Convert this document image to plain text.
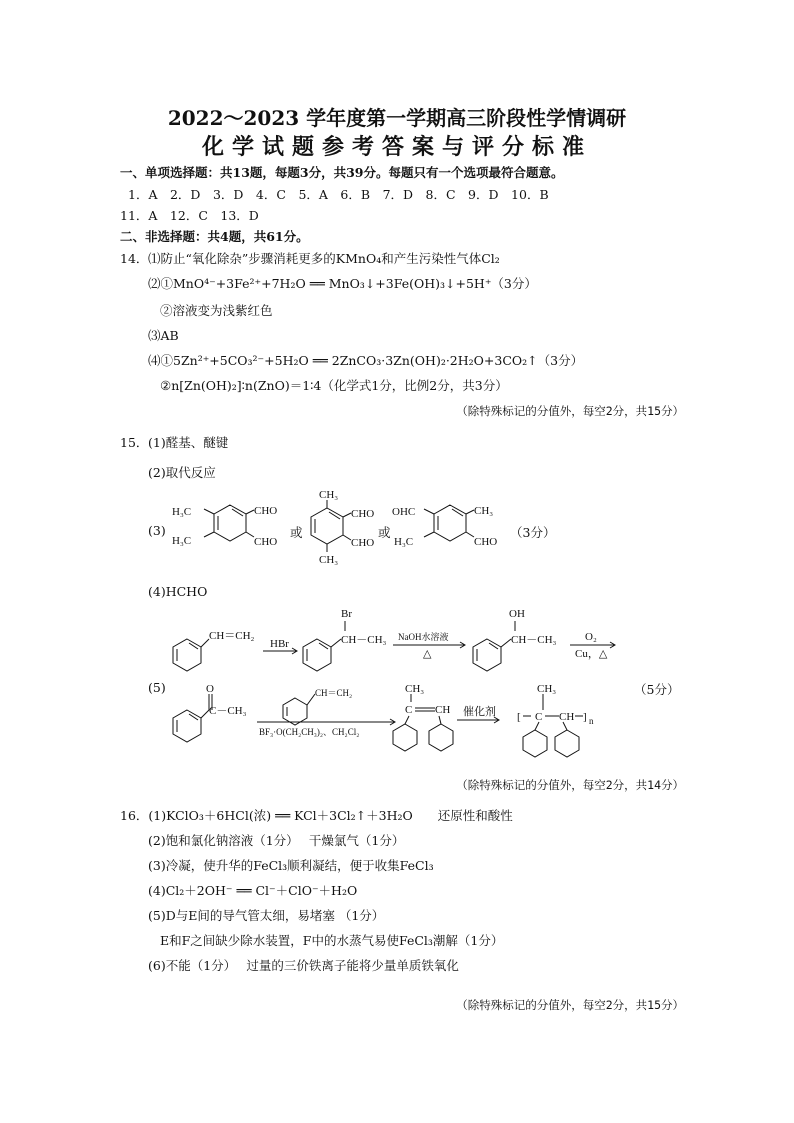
2022～2023 学年度第一学期高三阶段性学情调研
化学试题参考答案与评分标准
一、单项选择题：共13题，每题3分，共39分。每题只有一个选项最符合题意。
1．A　2．D　3．D　4．C　5．A　6．B　7．D　8．C　9．D　10．B
11．A　12．C　13．D
二、非选择题：共4题，共61分。
14． ⑴防止“氧化除杂”步骤消耗更多的KMnO₄和产生污染性气体Cl₂
⑵①MnO⁴⁻+3Fe²⁺+7H₂O ══ MnO₃↓+3Fe(OH)₃↓+5H⁺（3分）
②溶液变为浅紫红色
⑶AB
⑷①5Zn²⁺+5CO₃²⁻+5H₂O ══ 2ZnCO₃·3Zn(OH)₂·2H₂O+3CO₂↑（3分）
②n[Zn(OH)₂]∶n(ZnO)＝1∶4（化学式1分，比例2分，共3分）
（除特殊标记的分值外，每空2分，共15分）
15． (1)醛基、醚键
(2)取代反应
(3)	（3分）
H₃C
H₃C
CHO
CHO
或
CH₃
CH₃
CHO
CHO
或
OHC
H₃C
CH₃
CHO
(4)HCHO
CH＝CH₂
HBr	CH－CH₃
Br
NaOH水溶液
△
CH－CH₃
OH
O₂
Cu，△
(5)	（5分）
O
C－CH₃
CH＝CH₂
BF₃·O(CH₂CH₃)₂、CH₂Cl₂
CH₃
C CH 催化剂 [
CH₃
C CH ] n
（除特殊标记的分值外，每空2分，共14分）
16．(1)KClO₃＋6HCl(浓) ══ KCl＋3Cl₂↑＋3H₂O　　还原性和酸性
(2)饱和氯化钠溶液（1分）　 干燥氯气（1分）
(3)冷凝，使升华的FeCl₃顺利凝结，便于收集FeCl₃
(4)Cl₂＋2OH⁻ ══ Cl⁻＋ClO⁻＋H₂O
(5)D与E间的导气管太细，易堵塞 （1分）
E和F之间缺少除水装置，F中的水蒸气易使FeCl₃潮解（1分）
(6)不能（1分）　 过量的三价铁离子能将少量单质铁氧化
（除特殊标记的分值外，每空2分，共15分）
